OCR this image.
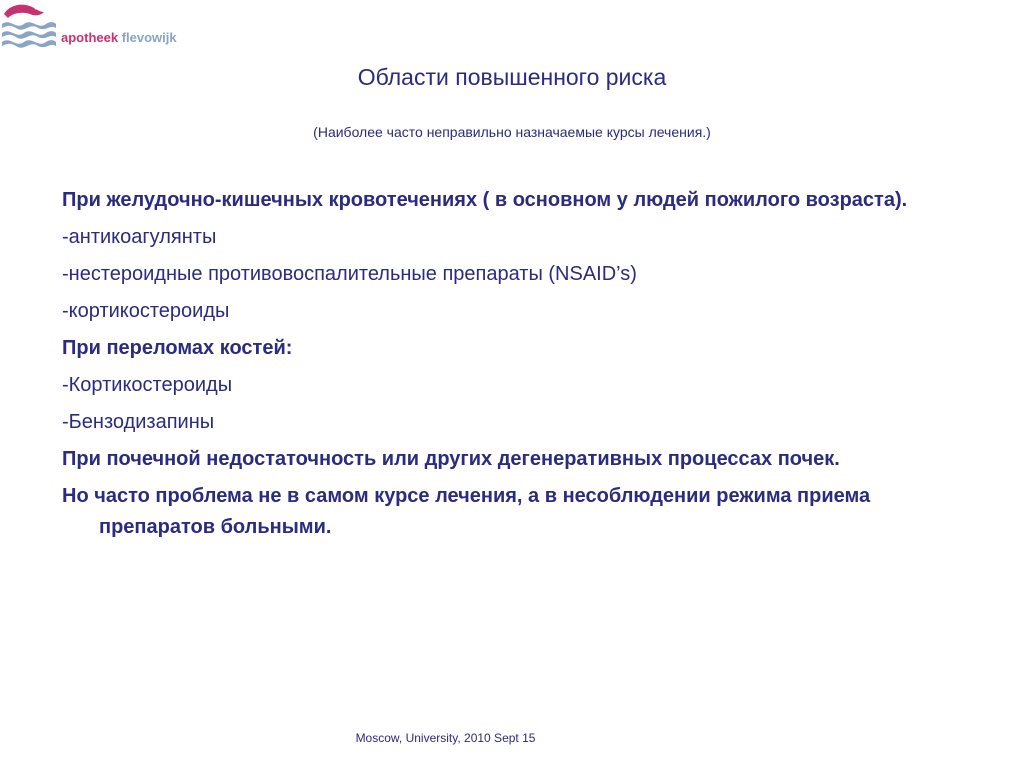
apotheek flevowijk
Области повышенного риска
(Наиболее часто неправильно назначаемые курсы лечения.)
При желудочно-кишечных кровотечениях ( в основном у людей пожилого возраста).
-антикоагулянты
-нестероидные противовоспалительные препараты (NSAID’s)
-кортикостероиды
При переломах костей:
-Кортикостероиды
-Бензодизапины
При почечной недостаточность или других дегенеративных процессах почек.
Но часто проблема не в самом курсе лечения, а в несоблюдении режима приема препаратов больными.
Moscow, University, 2010 Sept 15
